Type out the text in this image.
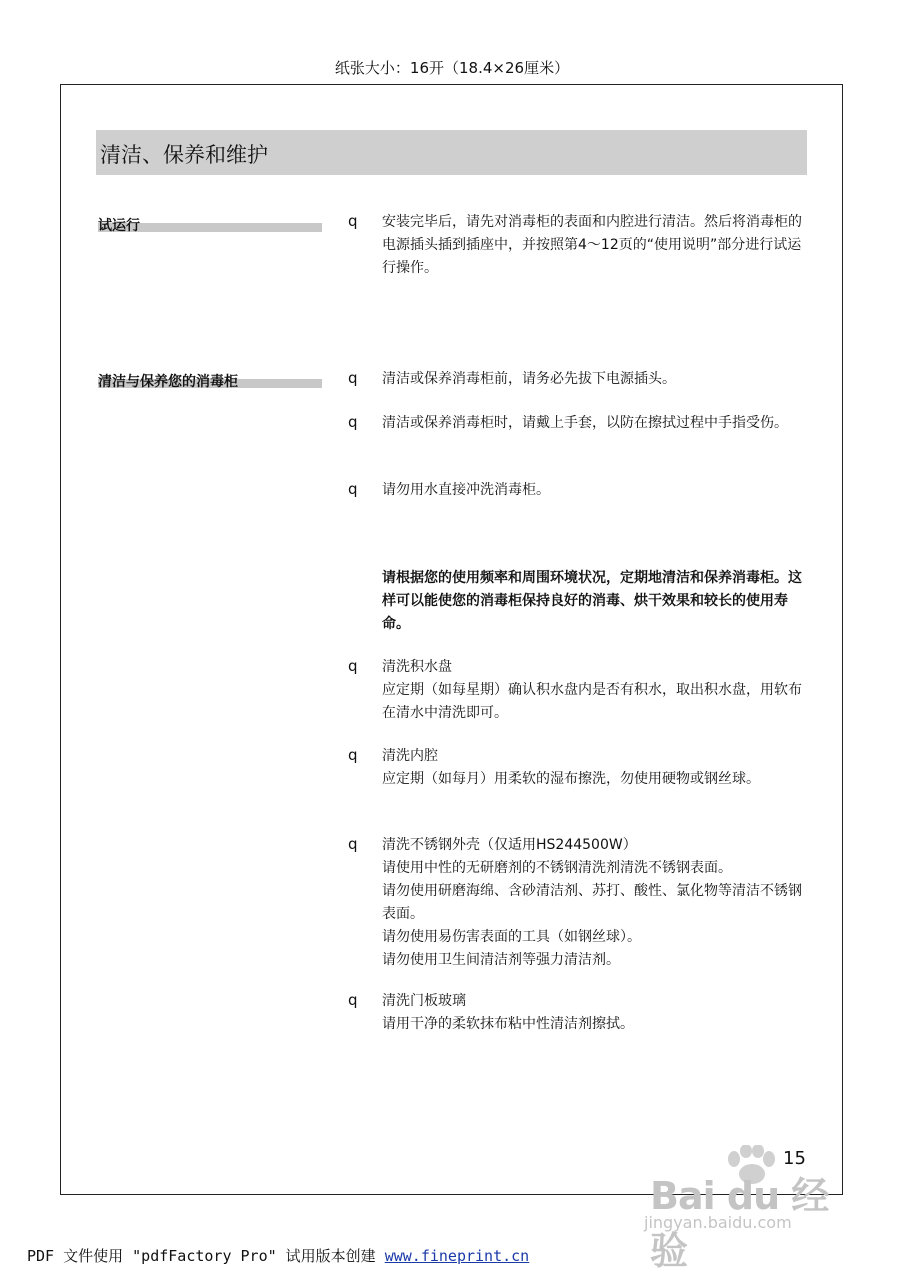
纸张大小：16开（18.4×26厘米）
清洁、保养和维护
试运行	q 安装完毕后，请先对消毒柜的表面和内腔进行清洁。然后将消毒柜的电源插头插到插座中，并按照第4～12页的“使用说明”部分进行试运行操作。

清洁与保养您的消毒柜	q 清洁或保养消毒柜前，请务必先拔下电源插头。

q 清洁或保养消毒柜时，请戴上手套，以防在擦拭过程中手指受伤。

q 请勿用水直接冲洗消毒柜。

请根据您的使用频率和周围环境状况，定期地清洁和保养消毒柜。这样可以能使您的消毒柜保持良好的消毒、烘干效果和较长的使用寿命。

q 清洗积水盘

应定期（如每星期）确认积水盘内是否有积水，取出积水盘，用软布在清水中清洗即可。

q 清洗内腔

应定期（如每月）用柔软的湿布擦洗，勿使用硬物或钢丝球。

q 清洗不锈钢外壳（仅适用HS244500W）

请使用中性的无研磨剂的不锈钢清洗剂清洗不锈钢表面。

请勿使用研磨海绵、含砂清洁剂、苏打、酸性、氯化物等清洁不锈钢表面。

请勿使用易伤害表面的工具（如钢丝球）。

请勿使用卫生间清洁剂等强力清洁剂。

q 清洗门板玻璃

请用干净的柔软抹布粘中性清洁剂擦拭。

15
Bai du 经验
jingyan.baidu.com
PDF 文件使用 "pdfFactory Pro" 试用版本创建 www.fineprint.cn
